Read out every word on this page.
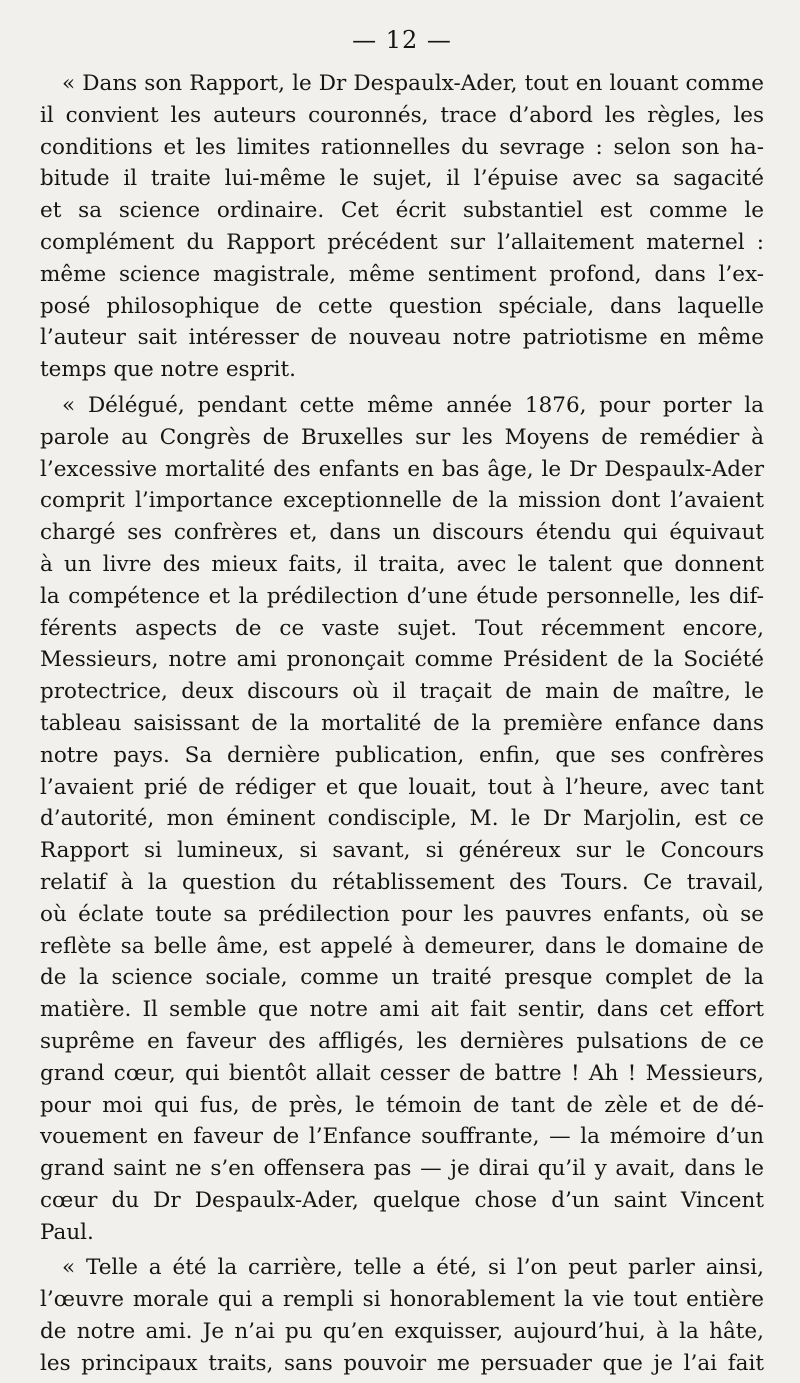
— 12 —
« Dans son Rapport, le Dr Despaulx-Ader, tout en louant comme
il convient les auteurs couronnés, trace d’abord les règles, les
conditions et les limites rationnelles du sevrage : selon son ha-
bitude il traite lui-même le sujet, il l’épuise avec sa sagacité
et sa science ordinaire. Cet écrit substantiel est comme le
complément du Rapport précédent sur l’allaitement maternel :
même science magistrale, même sentiment profond, dans l’ex-
posé philosophique de cette question spéciale, dans laquelle
l’auteur sait intéresser de nouveau notre patriotisme en même
temps que notre esprit.
« Délégué, pendant cette même année 1876, pour porter la
parole au Congrès de Bruxelles sur les Moyens de remédier à
l’excessive mortalité des enfants en bas âge, le Dr Despaulx-Ader
comprit l’importance exceptionnelle de la mission dont l’avaient
chargé ses confrères et, dans un discours étendu qui équivaut
à un livre des mieux faits, il traita, avec le talent que donnent
la compétence et la prédilection d’une étude personnelle, les dif-
férents aspects de ce vaste sujet. Tout récemment encore,
Messieurs, notre ami prononçait comme Président de la Société
protectrice, deux discours où il traçait de main de maître, le
tableau saisissant de la mortalité de la première enfance dans
notre pays. Sa dernière publication, enfin, que ses confrères
l’avaient prié de rédiger et que louait, tout à l’heure, avec tant
d’autorité, mon éminent condisciple, M. le Dr Marjolin, est ce
Rapport si lumineux, si savant, si généreux sur le Concours
relatif à la question du rétablissement des Tours. Ce travail,
où éclate toute sa prédilection pour les pauvres enfants, où se
reflète sa belle âme, est appelé à demeurer, dans le domaine de
de la science sociale, comme un traité presque complet de la
matière. Il semble que notre ami ait fait sentir, dans cet effort
suprême en faveur des affligés, les dernières pulsations de ce
grand cœur, qui bientôt allait cesser de battre ! Ah ! Messieurs,
pour moi qui fus, de près, le témoin de tant de zèle et de dé-
vouement en faveur de l’Enfance souffrante, — la mémoire d’un
grand saint ne s’en offensera pas — je dirai qu’il y avait, dans le
cœur du Dr Despaulx-Ader, quelque chose d’un saint Vincent
Paul.
« Telle a été la carrière, telle a été, si l’on peut parler ainsi,
l’œuvre morale qui a rempli si honorablement la vie tout entière
de notre ami. Je n’ai pu qu’en exquisser, aujourd’hui, à la hâte,
les principaux traits, sans pouvoir me persuader que je l’ai fait
